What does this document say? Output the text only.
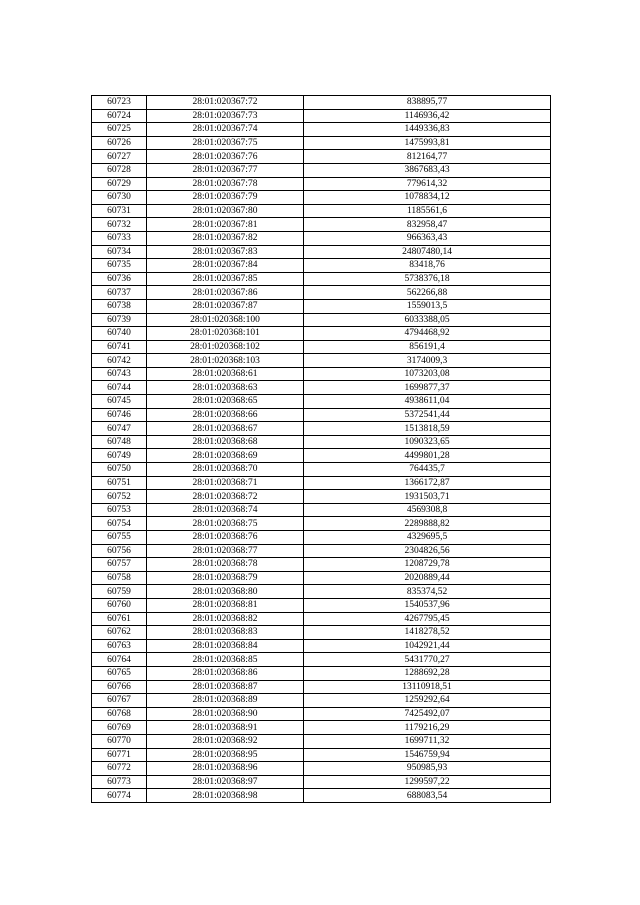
60723	28:01:020367:72	838895,77
60724	28:01:020367:73	1146936,42
60725	28:01:020367:74	1449336,83
60726	28:01:020367:75	1475993,81
60727	28:01:020367:76	812164,77
60728	28:01:020367:77	3867683,43
60729	28:01:020367:78	779614,32
60730	28:01:020367:79	1078834,12
60731	28:01:020367:80	1185561,6
60732	28:01:020367:81	832958,47
60733	28:01:020367:82	966363,43
60734	28:01:020367:83	24807480,14
60735	28:01:020367:84	83418,76
60736	28:01:020367:85	5738376,18
60737	28:01:020367:86	562266,88
60738	28:01:020367:87	1559013,5
60739	28:01:020368:100	6033388,05
60740	28:01:020368:101	4794468,92
60741	28:01:020368:102	856191,4
60742	28:01:020368:103	3174009,3
60743	28:01:020368:61	1073203,08
60744	28:01:020368:63	1699877,37
60745	28:01:020368:65	4938611,04
60746	28:01:020368:66	5372541,44
60747	28:01:020368:67	1513818,59
60748	28:01:020368:68	1090323,65
60749	28:01:020368:69	4499801,28
60750	28:01:020368:70	764435,7
60751	28:01:020368:71	1366172,87
60752	28:01:020368:72	1931503,71
60753	28:01:020368:74	4569308,8
60754	28:01:020368:75	2289888,82
60755	28:01:020368:76	4329695,5
60756	28:01:020368:77	2304826,56
60757	28:01:020368:78	1208729,78
60758	28:01:020368:79	2020889,44
60759	28:01:020368:80	835374,52
60760	28:01:020368:81	1540537,96
60761	28:01:020368:82	4267795,45
60762	28:01:020368:83	1418278,52
60763	28:01:020368:84	1042921,44
60764	28:01:020368:85	5431770,27
60765	28:01:020368:86	1288692,28
60766	28:01:020368:87	13110918,51
60767	28:01:020368:89	1259292,64
60768	28:01:020368:90	7425492,07
60769	28:01:020368:91	1179216,29
60770	28:01:020368:92	1699711,32
60771	28:01:020368:95	1546759,94
60772	28:01:020368:96	950985,93
60773	28:01:020368:97	1299597,22
60774	28:01:020368:98	688083,54
